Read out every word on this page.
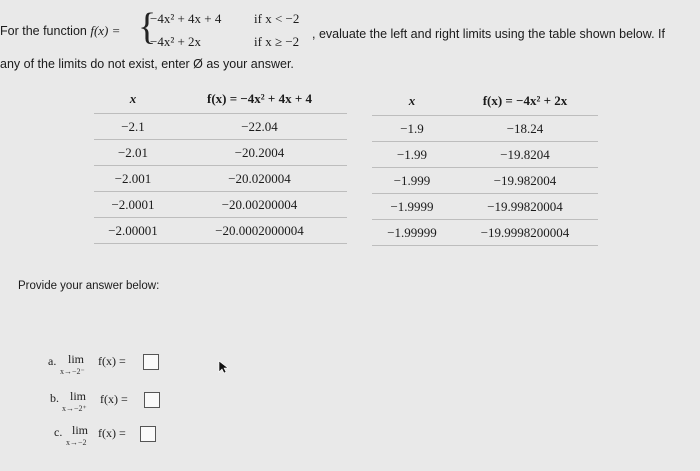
For the function f(x) = {
−4x² + 4x + 4	if x < −2
−4x² + 2x	if x ≥ −2 , evaluate the left and right limits using the table shown below. If
any of the limits do not exist, enter Ø as your answer.
x	f(x) = −4x² + 4x + 4
−2.1	−22.04
−2.01	−20.2004
−2.001	−20.020004
−2.0001	−20.00200004
−2.00001	−20.0002000004
x	f(x) = −4x² + 2x
−1.9	−18.24
−1.99	−19.8204
−1.999	−19.982004
−1.9999	−19.99820004
−1.99999	−19.9998200004
Provide your answer below:
a. lim
x→−2⁻
f(x) =
b. lim
x→−2⁺
f(x) =
c. lim
x→−2
f(x) =
